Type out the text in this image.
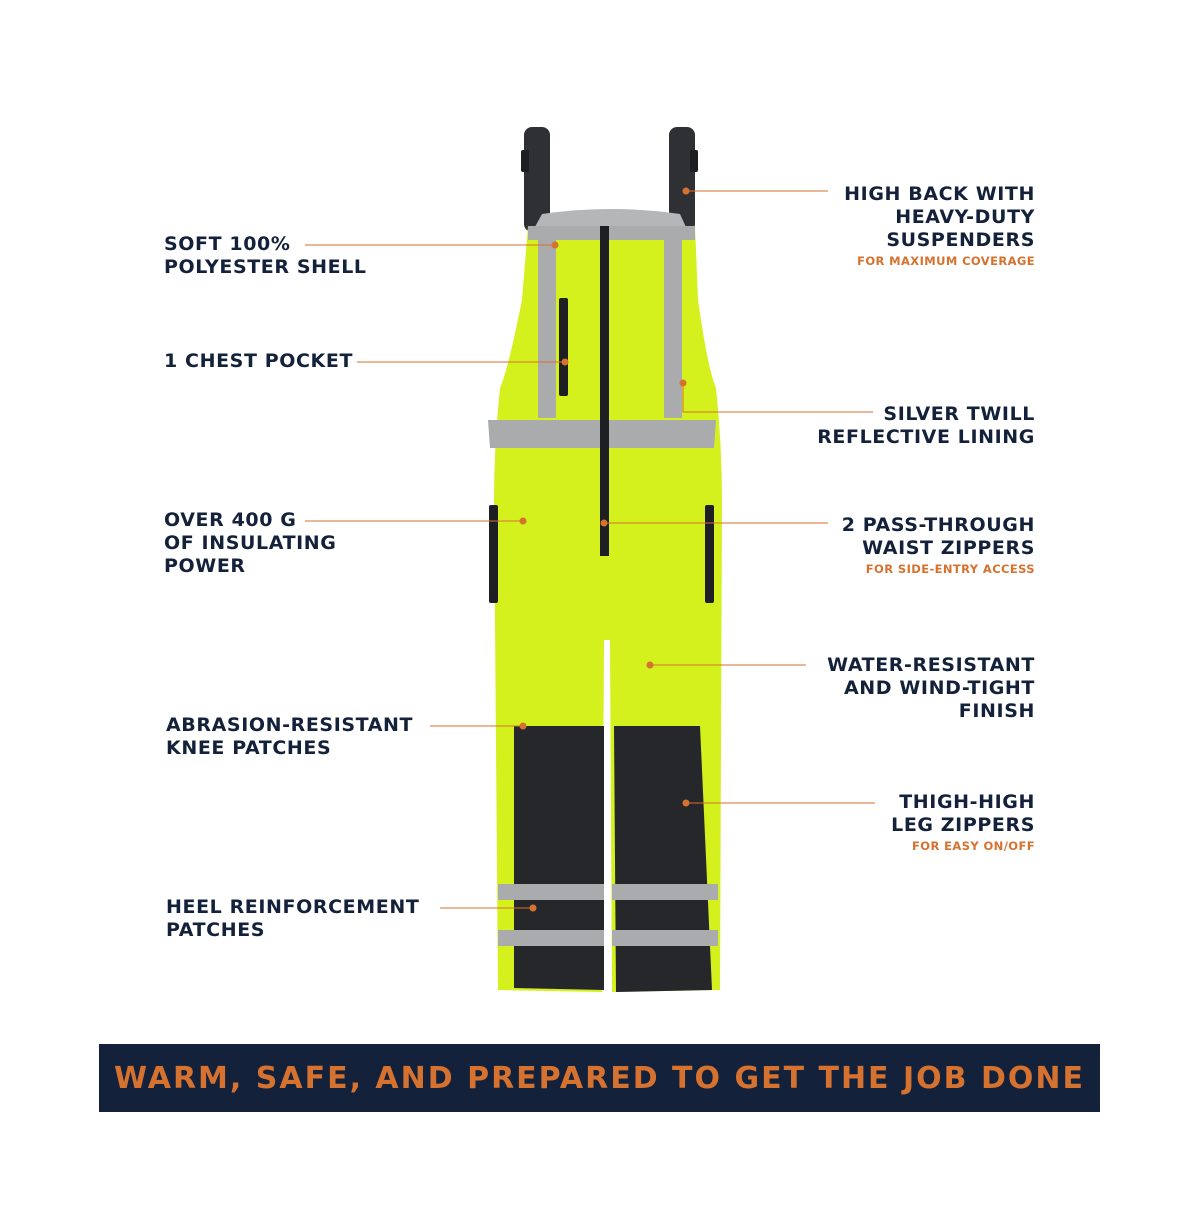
SOFT 100%
POLYESTER SHELL
1 CHEST POCKET
OVER 400 G
OF INSULATING
POWER
ABRASION-RESISTANT
KNEE PATCHES
HEEL REINFORCEMENT
PATCHES
HIGH BACK WITH
HEAVY-DUTY
SUSPENDERS
FOR MAXIMUM COVERAGE
SILVER TWILL
REFLECTIVE LINING
2 PASS-THROUGH
WAIST ZIPPERS
FOR SIDE-ENTRY ACCESS
WATER-RESISTANT
AND WIND-TIGHT
FINISH
THIGH-HIGH
LEG ZIPPERS
FOR EASY ON/OFF
WARM, SAFE, AND PREPARED TO GET THE JOB DONE
